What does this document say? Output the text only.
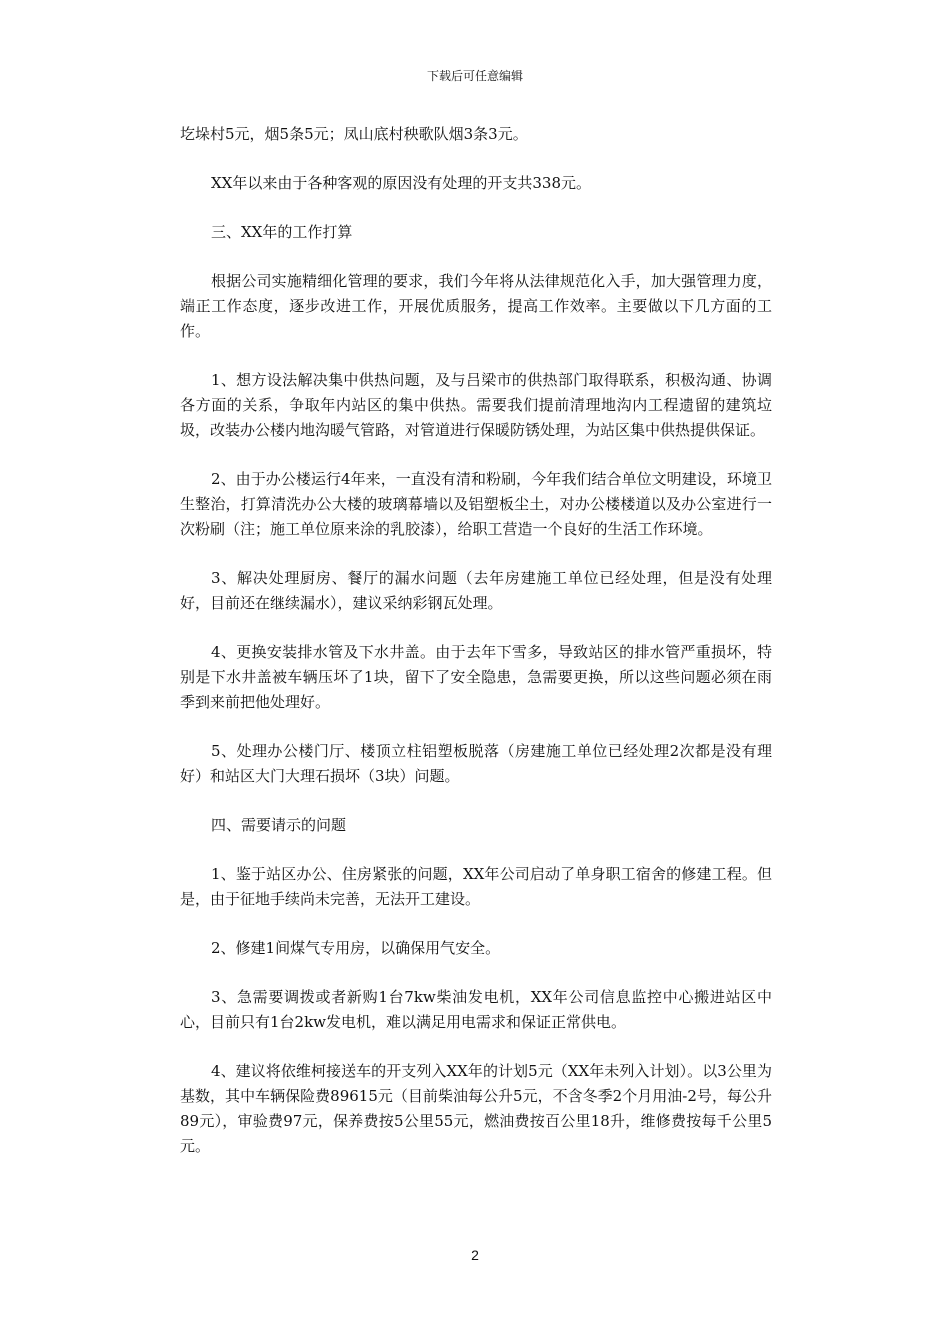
下载后可任意编辑

圪垛村5元，烟5条5元；凤山底村秧歌队烟3条3元。

XX年以来由于各种客观的原因没有处理的开支共338元。

三、XX年的工作打算

根据公司实施精细化管理的要求，我们今年将从法律规范化入手，加大强管理力度，端正工作态度，逐步改进工作，开展优质服务，提高工作效率。主要做以下几方面的工作。

1、想方设法解决集中供热问题，及与吕梁市的供热部门取得联系，积极沟通、协调各方面的关系，争取年内站区的集中供热。需要我们提前清理地沟内工程遗留的建筑垃圾，改装办公楼内地沟暖气管路，对管道进行保暖防锈处理，为站区集中供热提供保证。

2、由于办公楼运行4年来，一直没有清和粉刷，今年我们结合单位文明建设，环境卫生整治，打算清洗办公大楼的玻璃幕墙以及铝塑板尘土，对办公楼楼道以及办公室进行一次粉刷（注；施工单位原来涂的乳胶漆），给职工营造一个良好的生活工作环境。

3、解决处理厨房、餐厅的漏水问题（去年房建施工单位已经处理，但是没有处理好，目前还在继续漏水），建议采纳彩钢瓦处理。

4、更换安装排水管及下水井盖。由于去年下雪多，导致站区的排水管严重损坏，特别是下水井盖被车辆压坏了1块，留下了安全隐患，急需要更换，所以这些问题必须在雨季到来前把他处理好。

5、处理办公楼门厅、楼顶立柱铝塑板脱落（房建施工单位已经处理2次都是没有理好）和站区大门大理石损坏（3块）问题。

四、需要请示的问题

1、鉴于站区办公、住房紧张的问题，XX年公司启动了单身职工宿舍的修建工程。但是，由于征地手续尚未完善，无法开工建设。

2、修建1间煤气专用房，以确保用气安全。

3、急需要调拨或者新购1台7kw柴油发电机，XX年公司信息监控中心搬进站区中心，目前只有1台2kw发电机，难以满足用电需求和保证正常供电。

4、建议将依维柯接送车的开支列入XX年的计划5元（XX年未列入计划）。以3公里为基数，其中车辆保险费89615元（目前柴油每公升5元，不含冬季2个月用油-2号，每公升89元），审验费97元，保养费按5公里55元，燃油费按百公里18升，维修费按每千公里5元。

2
